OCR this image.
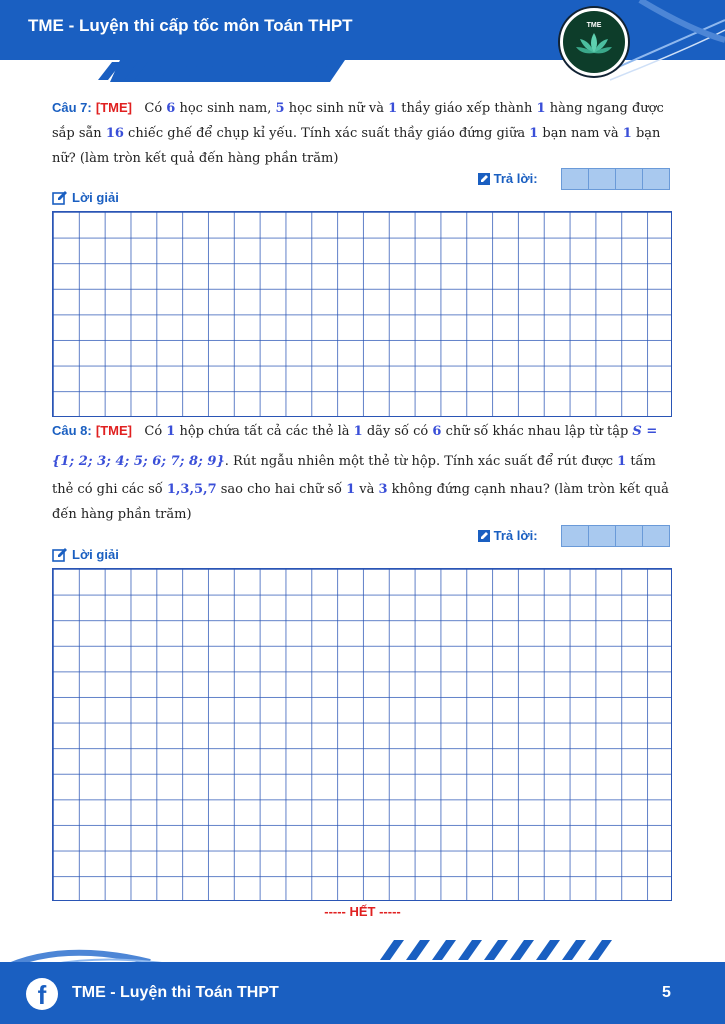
TME - Luyện thi cấp tốc môn Toán THPT	TME
Câu 7: [TME] Có 6 học sinh nam, 5 học sinh nữ và 1 thầy giáo xếp thành 1 hàng ngang được sắp sẵn 16 chiếc ghế để chụp kỉ yếu. Tính xác suất thầy giáo đứng giữa 1 bạn nam và 1 bạn nữ? (làm tròn kết quả đến hàng phần trăm)

Trả lời:
Lời giải
Câu 8: [TME] Có 1 hộp chứa tất cả các thẻ là 1 dãy số có 6 chữ số khác nhau lập từ tập S = {1; 2; 3; 4; 5; 6; 7; 8; 9}. Rút ngẫu nhiên một thẻ từ hộp. Tính xác suất để rút được 1 tấm thẻ có ghi các số 1,3,5,7 sao cho hai chữ số 1 và 3 không đứng cạnh nhau? (làm tròn kết quả đến hàng phần trăm)

Trả lời:
Lời giải
----- HẾT -----
f	TME - Luyện thi Toán THPT	5
